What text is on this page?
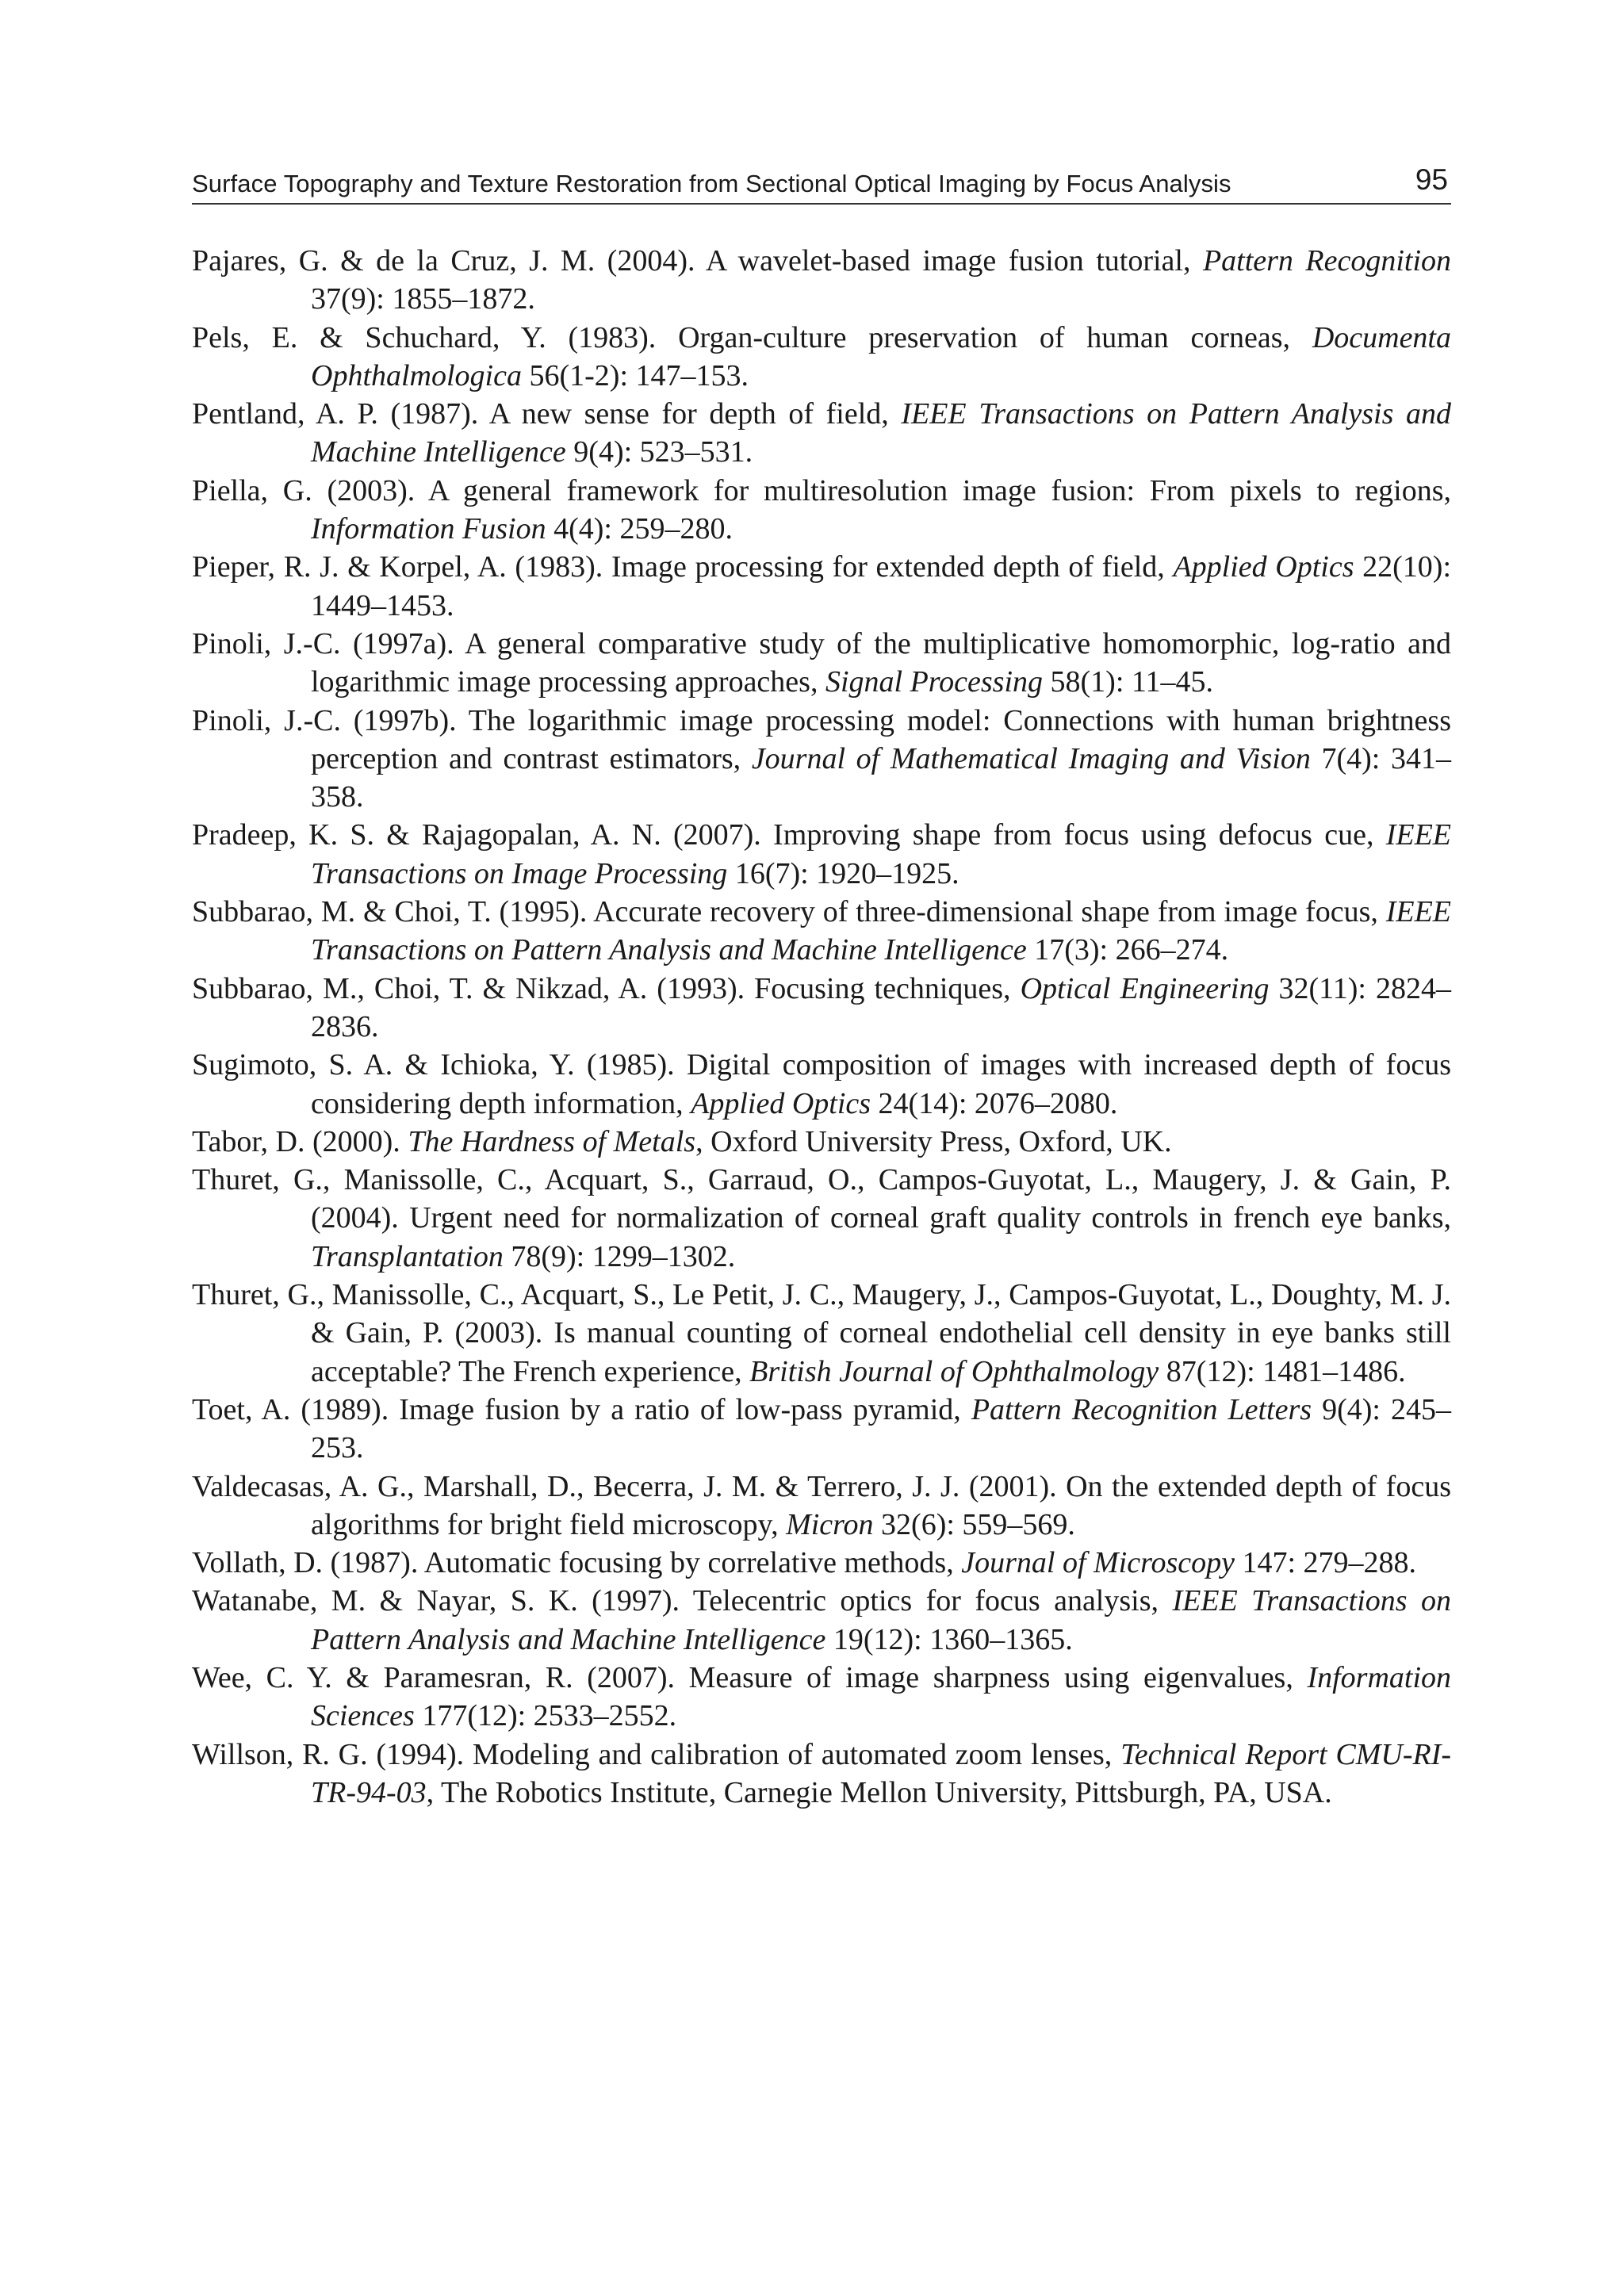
Surface Topography and Texture Restoration from Sectional Optical Imaging by Focus Analysis	95

Pajares, G. & de la Cruz, J. M. (2004). A wavelet-based image fusion tutorial, Pattern Recognition 37(9): 1855–1872.

Pels, E. & Schuchard, Y. (1983). Organ-culture preservation of human corneas, Documenta Ophthalmologica 56(1-2): 147–153.

Pentland, A. P. (1987). A new sense for depth of field, IEEE Transactions on Pattern Analysis and Machine Intelligence 9(4): 523–531.

Piella, G. (2003). A general framework for multiresolution image fusion: From pixels to regions, Information Fusion 4(4): 259–280.

Pieper, R. J. & Korpel, A. (1983). Image processing for extended depth of field, Applied Optics 22(10): 1449–1453.

Pinoli, J.-C. (1997a). A general comparative study of the multiplicative homomorphic, log-ratio and logarithmic image processing approaches, Signal Processing 58(1): 11–45.

Pinoli, J.-C. (1997b). The logarithmic image processing model: Connections with human brightness perception and contrast estimators, Journal of Mathematical Imaging and Vision 7(4): 341–358.

Pradeep, K. S. & Rajagopalan, A. N. (2007). Improving shape from focus using defocus cue, IEEE Transactions on Image Processing 16(7): 1920–1925.

Subbarao, M. & Choi, T. (1995). Accurate recovery of three-dimensional shape from image focus, IEEE Transactions on Pattern Analysis and Machine Intelligence 17(3): 266–274.

Subbarao, M., Choi, T. & Nikzad, A. (1993). Focusing techniques, Optical Engineering 32(11): 2824–2836.

Sugimoto, S. A. & Ichioka, Y. (1985). Digital composition of images with increased depth of focus considering depth information, Applied Optics 24(14): 2076–2080.

Tabor, D. (2000). The Hardness of Metals, Oxford University Press, Oxford, UK.

Thuret, G., Manissolle, C., Acquart, S., Garraud, O., Campos-Guyotat, L., Maugery, J. & Gain, P. (2004). Urgent need for normalization of corneal graft quality controls in french eye banks, Transplantation 78(9): 1299–1302.

Thuret, G., Manissolle, C., Acquart, S., Le Petit, J. C., Maugery, J., Campos-Guyotat, L., Doughty, M. J. & Gain, P. (2003). Is manual counting of corneal endothelial cell density in eye banks still acceptable? The French experience, British Journal of Ophthalmology 87(12): 1481–1486.

Toet, A. (1989). Image fusion by a ratio of low-pass pyramid, Pattern Recognition Letters 9(4): 245–253.

Valdecasas, A. G., Marshall, D., Becerra, J. M. & Terrero, J. J. (2001). On the extended depth of focus algorithms for bright field microscopy, Micron 32(6): 559–569.

Vollath, D. (1987). Automatic focusing by correlative methods, Journal of Microscopy 147: 279–288.

Watanabe, M. & Nayar, S. K. (1997). Telecentric optics for focus analysis, IEEE Transactions on Pattern Analysis and Machine Intelligence 19(12): 1360–1365.

Wee, C. Y. & Paramesran, R. (2007). Measure of image sharpness using eigenvalues, Information Sciences 177(12): 2533–2552.

Willson, R. G. (1994). Modeling and calibration of automated zoom lenses, Technical Report CMU-RI-TR-94-03, The Robotics Institute, Carnegie Mellon University, Pittsburgh, PA, USA.
